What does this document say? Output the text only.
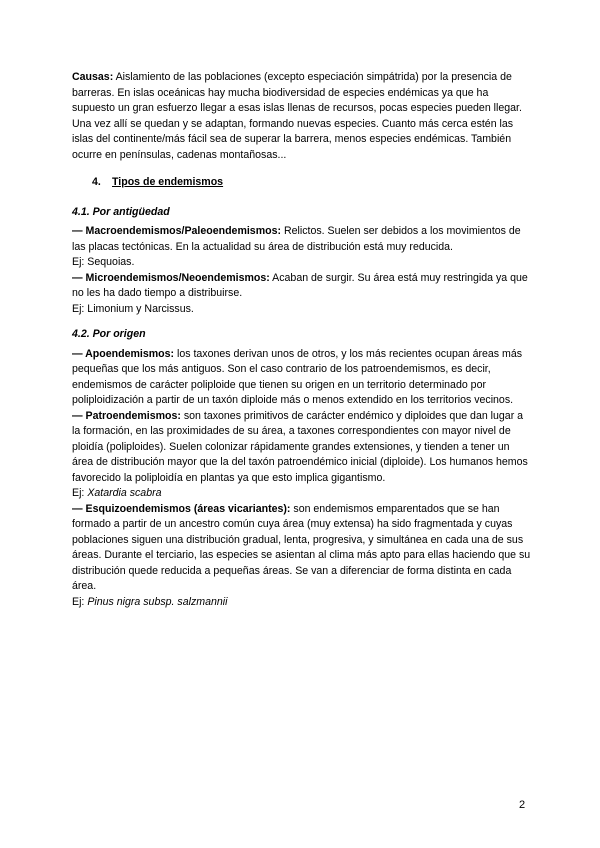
Causas: Aislamiento de las poblaciones (excepto especiación simpátrida) por la presencia de barreras. En islas oceánicas hay mucha biodiversidad de especies endémicas ya que ha supuesto un gran esfuerzo llegar a esas islas llenas de recursos, pocas especies pueden llegar. Una vez allí se quedan y se adaptan, formando nuevas especies. Cuanto más cerca estén las islas del continente/más fácil sea de superar la barrera, menos especies endémicas. También ocurre en penínsulas, cadenas montañosas...

4. Tipos de endemismos

4.1. Por antigüedad

— Macroendemismos/Paleoendemismos: Relictos. Suelen ser debidos a los movimientos de las placas tectónicas. En la actualidad su área de distribución está muy reducida.

Ej: Sequoias.

— Microendemismos/Neoendemismos: Acaban de surgir. Su área está muy restringida ya que no les ha dado tiempo a distribuirse.

Ej: Limonium y Narcissus.

4.2. Por origen

— Apoendemismos: los taxones derivan unos de otros, y los más recientes ocupan áreas más pequeñas que los más antiguos. Son el caso contrario de los patroendemismos, es decir, endemismos de carácter poliploide que tienen su origen en un territorio determinado por poliploidización a partir de un taxón diploide más o menos extendido en los territorios vecinos.

— Patroendemismos: son taxones primitivos de carácter endémico y diploides que dan lugar a la formación, en las proximidades de su área, a taxones correspondientes con mayor nivel de ploidía (poliploides). Suelen colonizar rápidamente grandes extensiones, y tienden a tener un área de distribución mayor que la del taxón patroendémico inicial (diploide). Los humanos hemos favorecido la poliploidía en plantas ya que esto implica gigantismo.

Ej: Xatardia scabra

— Esquizoendemismos (áreas vicariantes): son endemismos emparentados que se han formado a partir de un ancestro común cuya área (muy extensa) ha sido fragmentada y cuyas poblaciones siguen una distribución gradual, lenta, progresiva, y simultánea en cada una de sus áreas. Durante el terciario, las especies se asientan al clima más apto para ellas haciendo que su distribución quede reducida a pequeñas áreas. Se van a diferenciar de forma distinta en cada área.

Ej: Pinus nigra subsp. salzmannii

2
